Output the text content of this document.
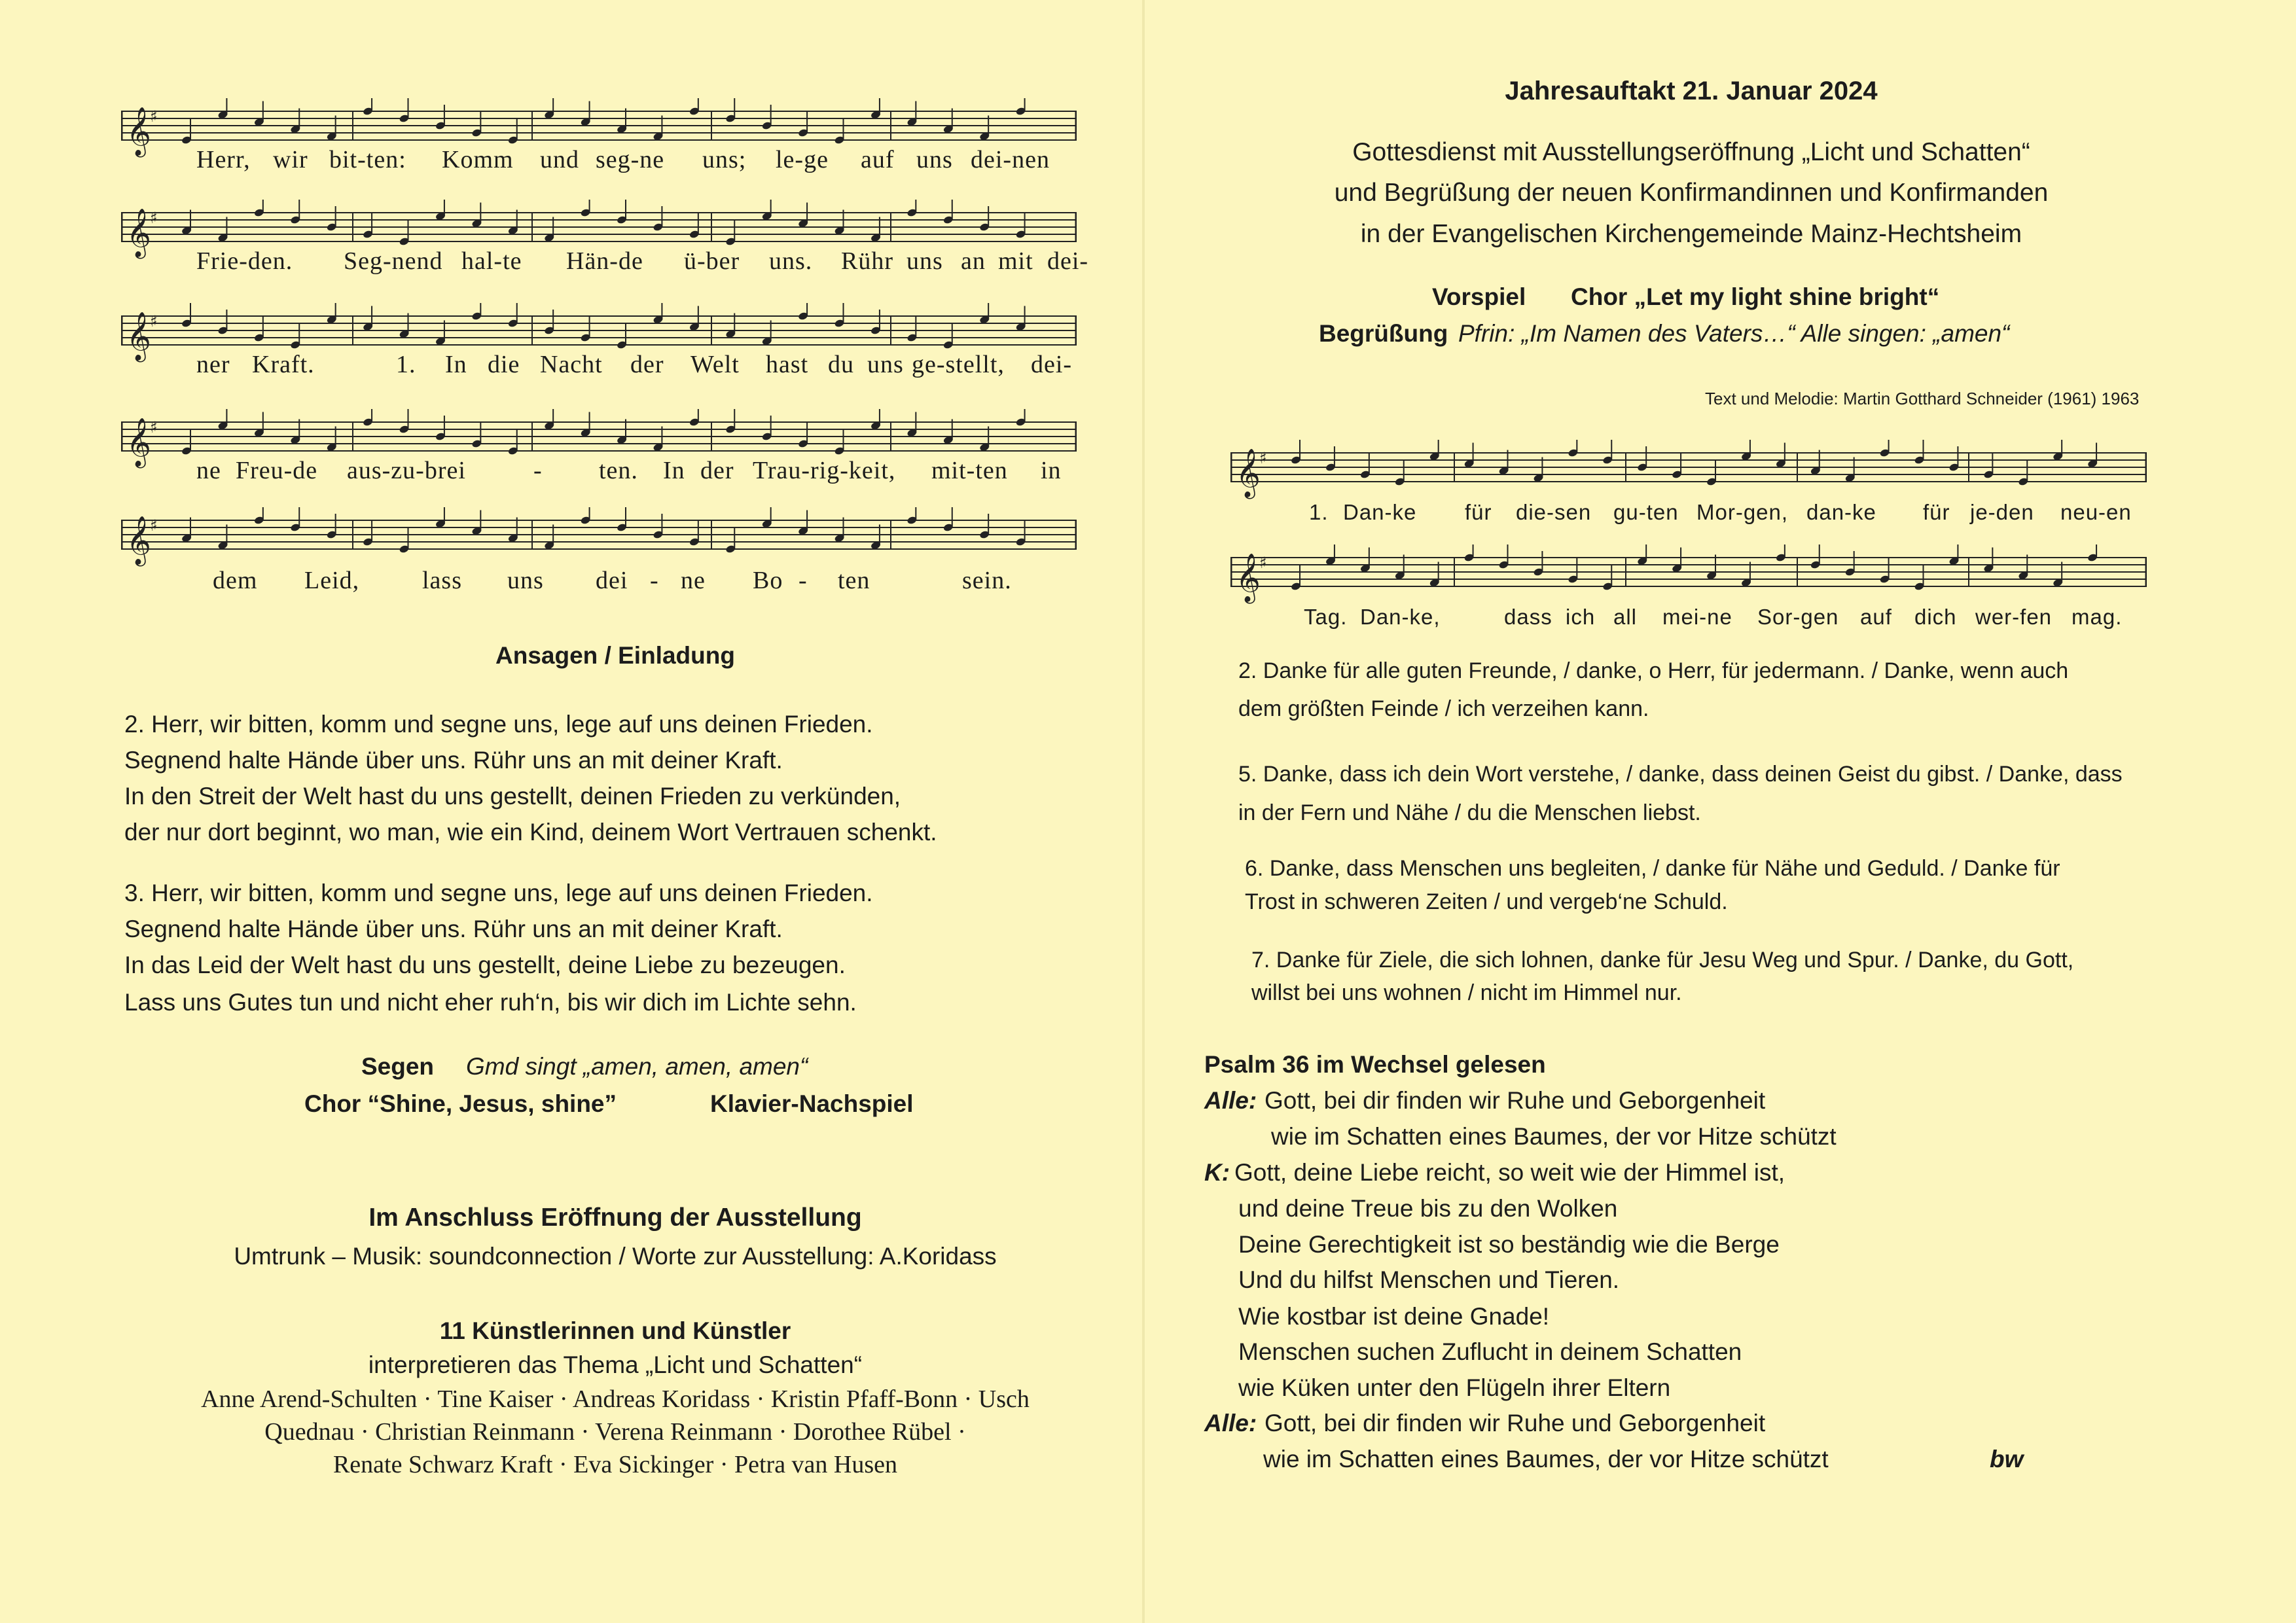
𝄞
♯
Herr, wir bit-ten: Komm und seg-ne uns; le-ge auf uns dei-nen
𝄞
♯
Frie-den. Seg-nend hal-te Hän-de ü-ber uns. Rühr uns an mit dei-
𝄞
♯
ner Kraft.	1. In die Nacht der Welt hast du uns ge-stellt, dei-
𝄞
♯
ne Freu-de aus-zu-brei	- ten. In der Trau-rig-keit, mit-ten in
𝄞
♯
dem Leid,	lass uns dei - ne Bo - ten	sein.
Ansagen / Einladung
2. Herr, wir bitten, komm und segne uns, lege auf uns deinen Frieden.
Segnend halte Hände über uns. Rühr uns an mit deiner Kraft.
In den Streit der Welt hast du uns gestellt, deinen Frieden zu verkünden,
der nur dort beginnt, wo man, wie ein Kind, deinem Wort Vertrauen schenkt.
3. Herr, wir bitten, komm und segne uns, lege auf uns deinen Frieden.
Segnend halte Hände über uns. Rühr uns an mit deiner Kraft.
In das Leid der Welt hast du uns gestellt, deine Liebe zu bezeugen.
Lass uns Gutes tun und nicht eher ruh‘n, bis wir dich im Lichte sehn.
Segen Gmd singt „amen, amen, amen“
Chor “Shine, Jesus, shine”	Klavier-Nachspiel
Im Anschluss Eröffnung der Ausstellung
Umtrunk – Musik: soundconnection / Worte zur Ausstellung: A.Koridass
11 Künstlerinnen und Künstler
interpretieren das Thema „Licht und Schatten“
Anne Arend-Schulten · Tine Kaiser · Andreas Koridass · Kristin Pfaff-Bonn · Usch
Quednau · Christian Reinmann · Verena Reinmann · Dorothee Rübel ·
Renate Schwarz Kraft · Eva Sickinger · Petra van Husen
Jahresauftakt 21. Januar 2024
Gottesdienst mit Ausstellungseröffnung „Licht und Schatten“
und Begrüßung der neuen Konfirmandinnen und Konfirmanden
in der Evangelischen Kirchengemeinde Mainz-Hechtsheim
Vorspiel Chor „Let my light shine bright“
Begrüßung Pfrin: „Im Namen des Vaters…“ Alle singen: „amen“
Text und Melodie: Martin Gotthard Schneider (1961) 1963
𝄞
♯
1. Dan-ke für die-sen gu-ten Mor-gen, dan-ke für je-den neu-en
𝄞
♯
Tag. Dan-ke,	dass ich all mei-ne Sor-gen auf dich wer-fen mag.
2. Danke für alle guten Freunde, / danke, o Herr, für jedermann. / Danke, wenn auch
dem größten Feinde / ich verzeihen kann.
5. Danke, dass ich dein Wort verstehe, / danke, dass deinen Geist du gibst. / Danke, dass
in der Fern und Nähe / du die Menschen liebst.
6. Danke, dass Menschen uns begleiten, / danke für Nähe und Geduld. / Danke für
Trost in schweren Zeiten / und vergeb‘ne Schuld.
7. Danke für Ziele, die sich lohnen, danke für Jesu Weg und Spur. / Danke, du Gott,
willst bei uns wohnen / nicht im Himmel nur.
Psalm 36 im Wechsel gelesen
Alle: Gott, bei dir finden wir Ruhe und Geborgenheit
wie im Schatten eines Baumes, der vor Hitze schützt
K: Gott, deine Liebe reicht, so weit wie der Himmel ist,
und deine Treue bis zu den Wolken
Deine Gerechtigkeit ist so beständig wie die Berge
Und du hilfst Menschen und Tieren.
Wie kostbar ist deine Gnade!
Menschen suchen Zuflucht in deinem Schatten
wie Küken unter den Flügeln ihrer Eltern
Alle: Gott, bei dir finden wir Ruhe und Geborgenheit
wie im Schatten eines Baumes, der vor Hitze schützt	bw
